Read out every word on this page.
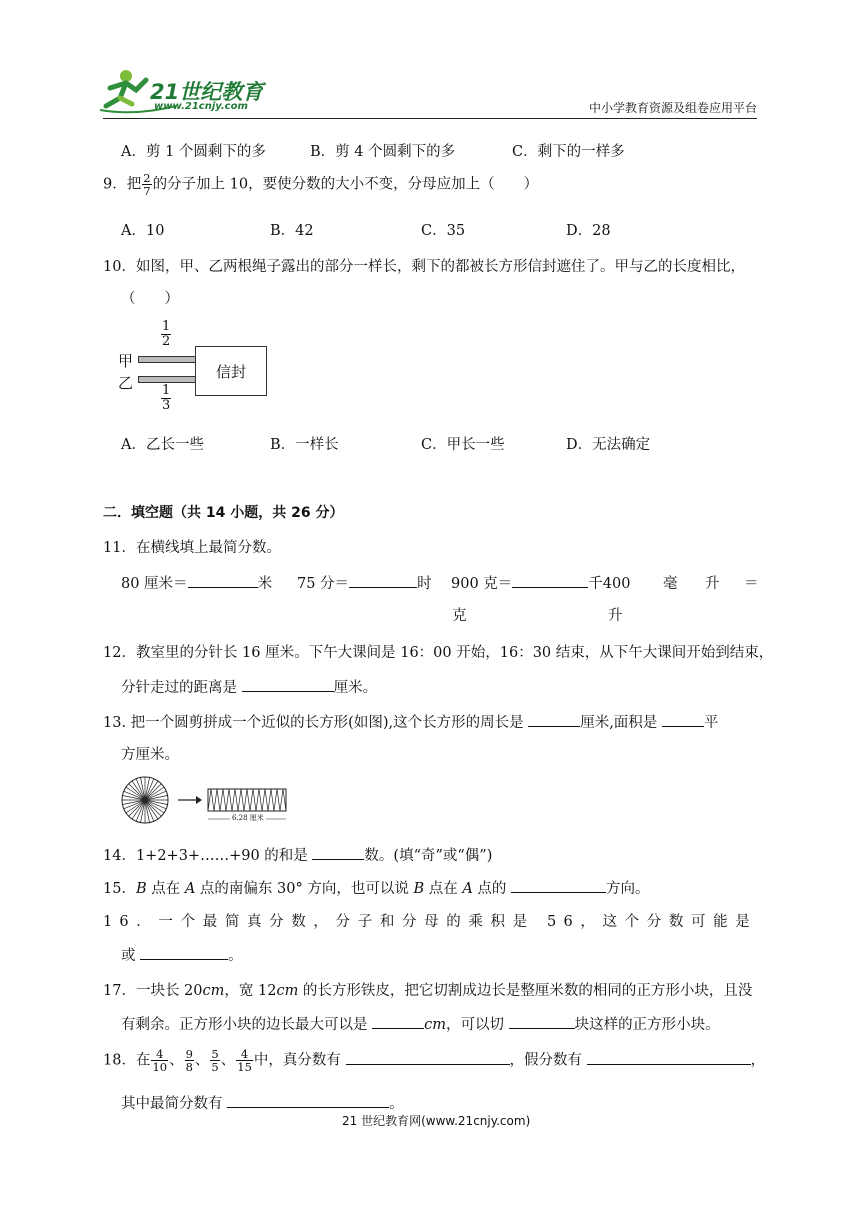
21世纪教育
www.21cnjy.com	中小学教育资源及组卷应用平台
A．剪 1 个圆剩下的多	B．剪 4 个圆剩下的多	C．剩下的一样多
9．把 $\frac{2}{7}$ 的分子加上 10，要使分数的大小不变，分母应加上（　　）
A．10	B．42	C．35	D．28
10．如图，甲、乙两根绳子露出的部分一样长，剩下的都被长方形信封遮住了。甲与乙的长度相比，
（　　）
$\frac{1}{2}$
甲
乙
信封
$\frac{1}{3}$
A．乙长一些	B．一样长	C．甲长一些	D．无法确定
二．填空题（共 14 小题，共 26 分）
11．在横线填上最简分数。
80 厘米＝	米 75 分＝	时 900 克＝	千400 毫 升 ＝
克	升
12．教室里的分针长 16 厘米。下午大课间是 16：00 开始，16：30 结束，从下午大课间开始到结束，
分针走过的距离是	厘米。
13. 把一个圆剪拼成一个近似的长方形(如图),这个长方形的周长是	厘米,面积是	平
方厘米。
6.28 厘米
14．1+2+3+……+90 的和是	数。(填“奇”或“偶”)
15．B 点在 A 点的南偏东 30° 方向，也可以说 B 点在 A 点的	方向。
16．一个最简真分数，分子和分母的乘积是 56，这个分数可能是
或	。
17．一块长 20cm，宽 12cm 的长方形铁皮，把它切割成边长是整厘米数的相同的正方形小块，且没
有剩余。正方形小块的边长最大可以是	cm，可以切	块这样的正方形小块。
18．在 $\frac{4}{10}$ 、 $\frac{9}{8}$ 、 $\frac{5}{5}$ 、 $\frac{4}{15}$ 中，真分数有	，假分数有	，
其中最简分数有	。
21 世纪教育网(www.21cnjy.com)
